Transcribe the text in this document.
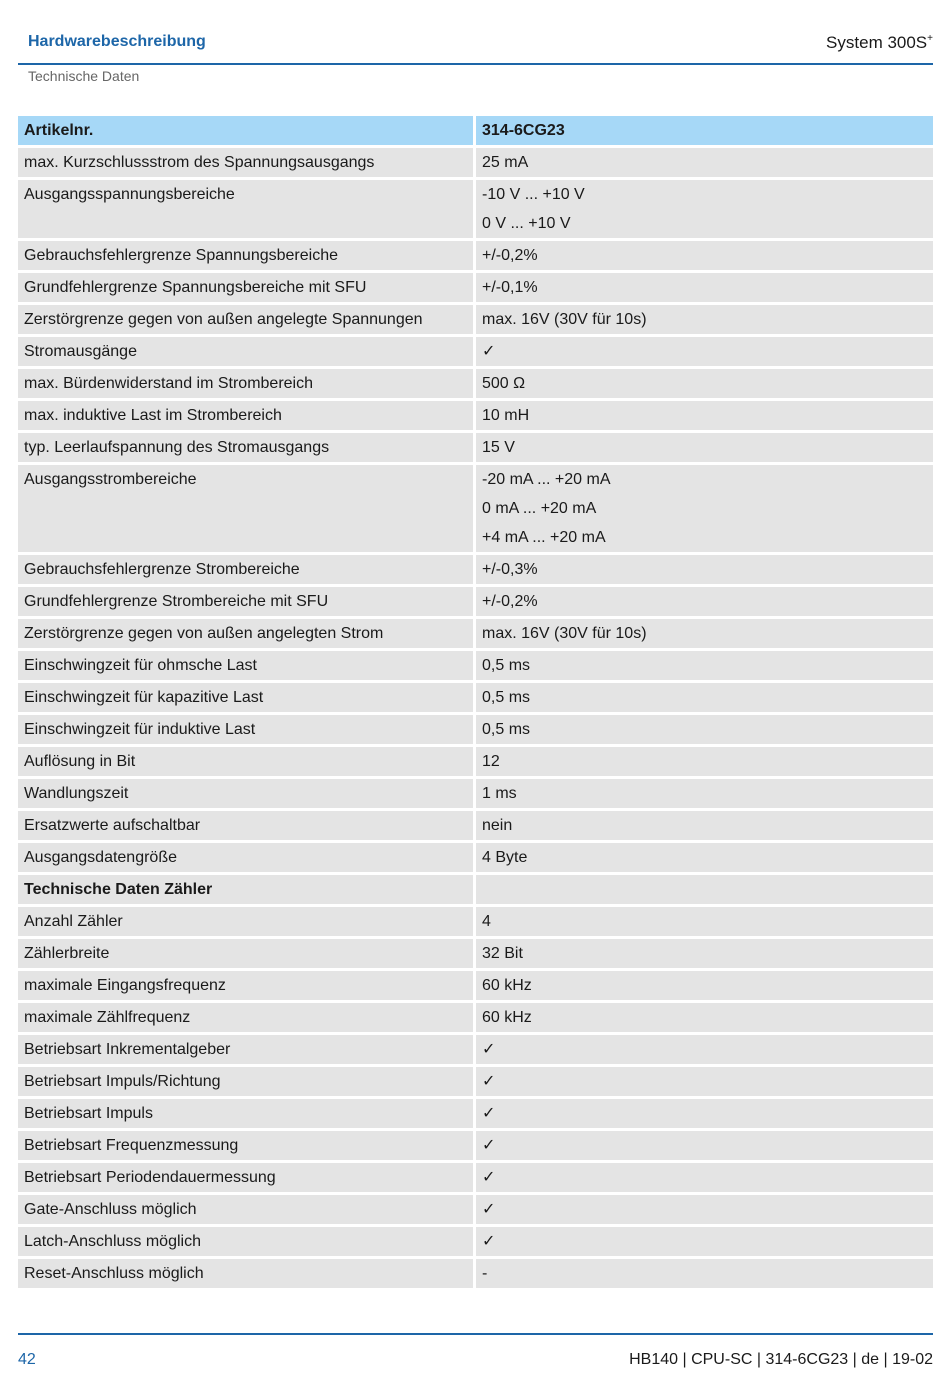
Hardwarebeschreibung	System 300S+
Technische Daten
Artikelnr.	314-6CG23
max. Kurzschlussstrom des Spannungsausgangs	25 mA
Ausgangsspannungsbereiche	-10 V ... +10 V
0 V ... +10 V
Gebrauchsfehlergrenze Spannungsbereiche	+/-0,2%
Grundfehlergrenze Spannungsbereiche mit SFU	+/-0,1%
Zerstörgrenze gegen von außen angelegte Spannungen	max. 16V (30V für 10s)
Stromausgänge	✓
max. Bürdenwiderstand im Strombereich	500 Ω
max. induktive Last im Strombereich	10 mH
typ. Leerlaufspannung des Stromausgangs	15 V
Ausgangsstrombereiche	-20 mA ... +20 mA
0 mA ... +20 mA
+4 mA ... +20 mA
Gebrauchsfehlergrenze Strombereiche	+/-0,3%
Grundfehlergrenze Strombereiche mit SFU	+/-0,2%
Zerstörgrenze gegen von außen angelegten Strom	max. 16V (30V für 10s)
Einschwingzeit für ohmsche Last	0,5 ms
Einschwingzeit für kapazitive Last	0,5 ms
Einschwingzeit für induktive Last	0,5 ms
Auflösung in Bit	12
Wandlungszeit	1 ms
Ersatzwerte aufschaltbar	nein
Ausgangsdatengröße	4 Byte
Technische Daten Zähler
Anzahl Zähler	4
Zählerbreite	32 Bit
maximale Eingangsfrequenz	60 kHz
maximale Zählfrequenz	60 kHz
Betriebsart Inkrementalgeber	✓
Betriebsart Impuls/Richtung	✓
Betriebsart Impuls	✓
Betriebsart Frequenzmessung	✓
Betriebsart Periodendauermessung	✓
Gate-Anschluss möglich	✓
Latch-Anschluss möglich	✓
Reset-Anschluss möglich	-
42	HB140 | CPU-SC | 314-6CG23 | de | 19-02
